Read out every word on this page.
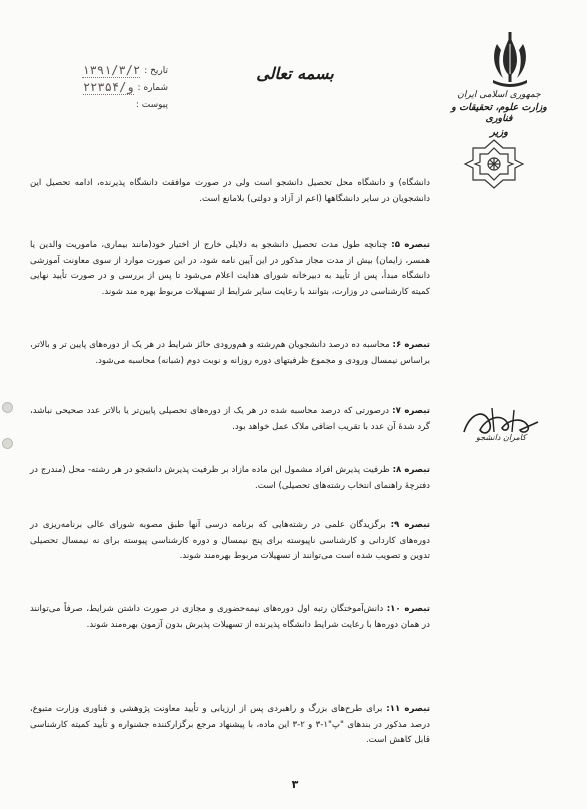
تاریخ :
۱۳۹۱/۳/۲
شماره :
۲۲۳۵۴/و
پیوست :
بسمه تعالی
جمهوری اسلامی ایران
وزارت علوم، تحقیقات و فناوری
وزیر
دانشگاه) و دانشگاه محل تحصیل دانشجو است ولی در صورت موافقت دانشگاه پذیرنده، ادامه تحصیل این دانشجویان در سایر دانشگاهها (اعم از آزاد و دولتی) بلامانع است.
تبصره ۵: چنانچه طول مدت تحصیل دانشجو به دلایلی خارج از اختیار خود(مانند بیماری، ماموریت والدین یا همسر، زایمان) بیش از مدت مجاز مذکور در این آیین نامه شود، در این صورت موارد از سوی معاونت آموزشی دانشگاه مبدأ، پس از تأیید به دبیرخانه شورای هدایت اعلام می‌شود تا پس از بررسی و در صورت تأیید نهایی کمیته کارشناسی در وزارت، بتوانند با رعایت سایر شرایط از تسهیلات مربوط بهره مند شوند.
تبصره ۶: محاسبه ده درصد دانشجویان هم‌رشته و هم‌ورودی حائز شرایط در هر یک از دوره‌های پایین تر و بالاتر، براساس نیمسال ورودی و مجموع ظرفیتهای دوره روزانه و نوبت دوم (شبانه) محاسبه می‌شود.
تبصره ۷: درصورتی که درصد محاسبه شده در هر یک از دوره‌های تحصیلی پایین‌تر یا بالاتر عدد صحیحی نباشد، گرد شدهٔ آن عدد با تقریب اضافی ملاک عمل خواهد بود.
تبصره ۸: ظرفیت پذیرش افراد مشمول این ماده مازاد بر ظرفیت پذیرش دانشجو در هر رشته- محل (مندرج در دفترچهٔ راهنمای انتخاب رشته‌های تحصیلی) است.
تبصره ۹: برگزیدگان علمی در رشته‌هایی که برنامه درسی آنها طبق مصوبه شورای عالی برنامه‌ریزی در دوره‌های کاردانی و کارشناسی ناپیوسته برای پنج نیمسال و دوره کارشناسی پیوسته برای نه نیمسال تحصیلی تدوین و تصویب شده است می‌توانند از تسهیلات مربوط بهره‌مند شوند.
تبصره ۱۰: دانش‌آموختگان رتبه اول دوره‌های نیمه‌حضوری و مجازی در صورت داشتن شرایط، صرفاً می‌توانند در همان دوره‌ها با رعایت شرایط دانشگاه پذیرنده از تسهیلات پذیرش بدون آزمون بهره‌مند شوند.
تبصره ۱۱: برای طرح‌های بزرگ و راهبردی پس از ارزیابی و تأیید معاونت پژوهشی و فناوری وزارت متبوع، درصد مذکور در بندهای "پ"۱-۳ و ۲-۳ این ماده، با پیشنهاد مرجع برگزارکننده جشنواره و تأیید کمیته کارشناسی قابل کاهش است.
کامران دانشجو
۳
